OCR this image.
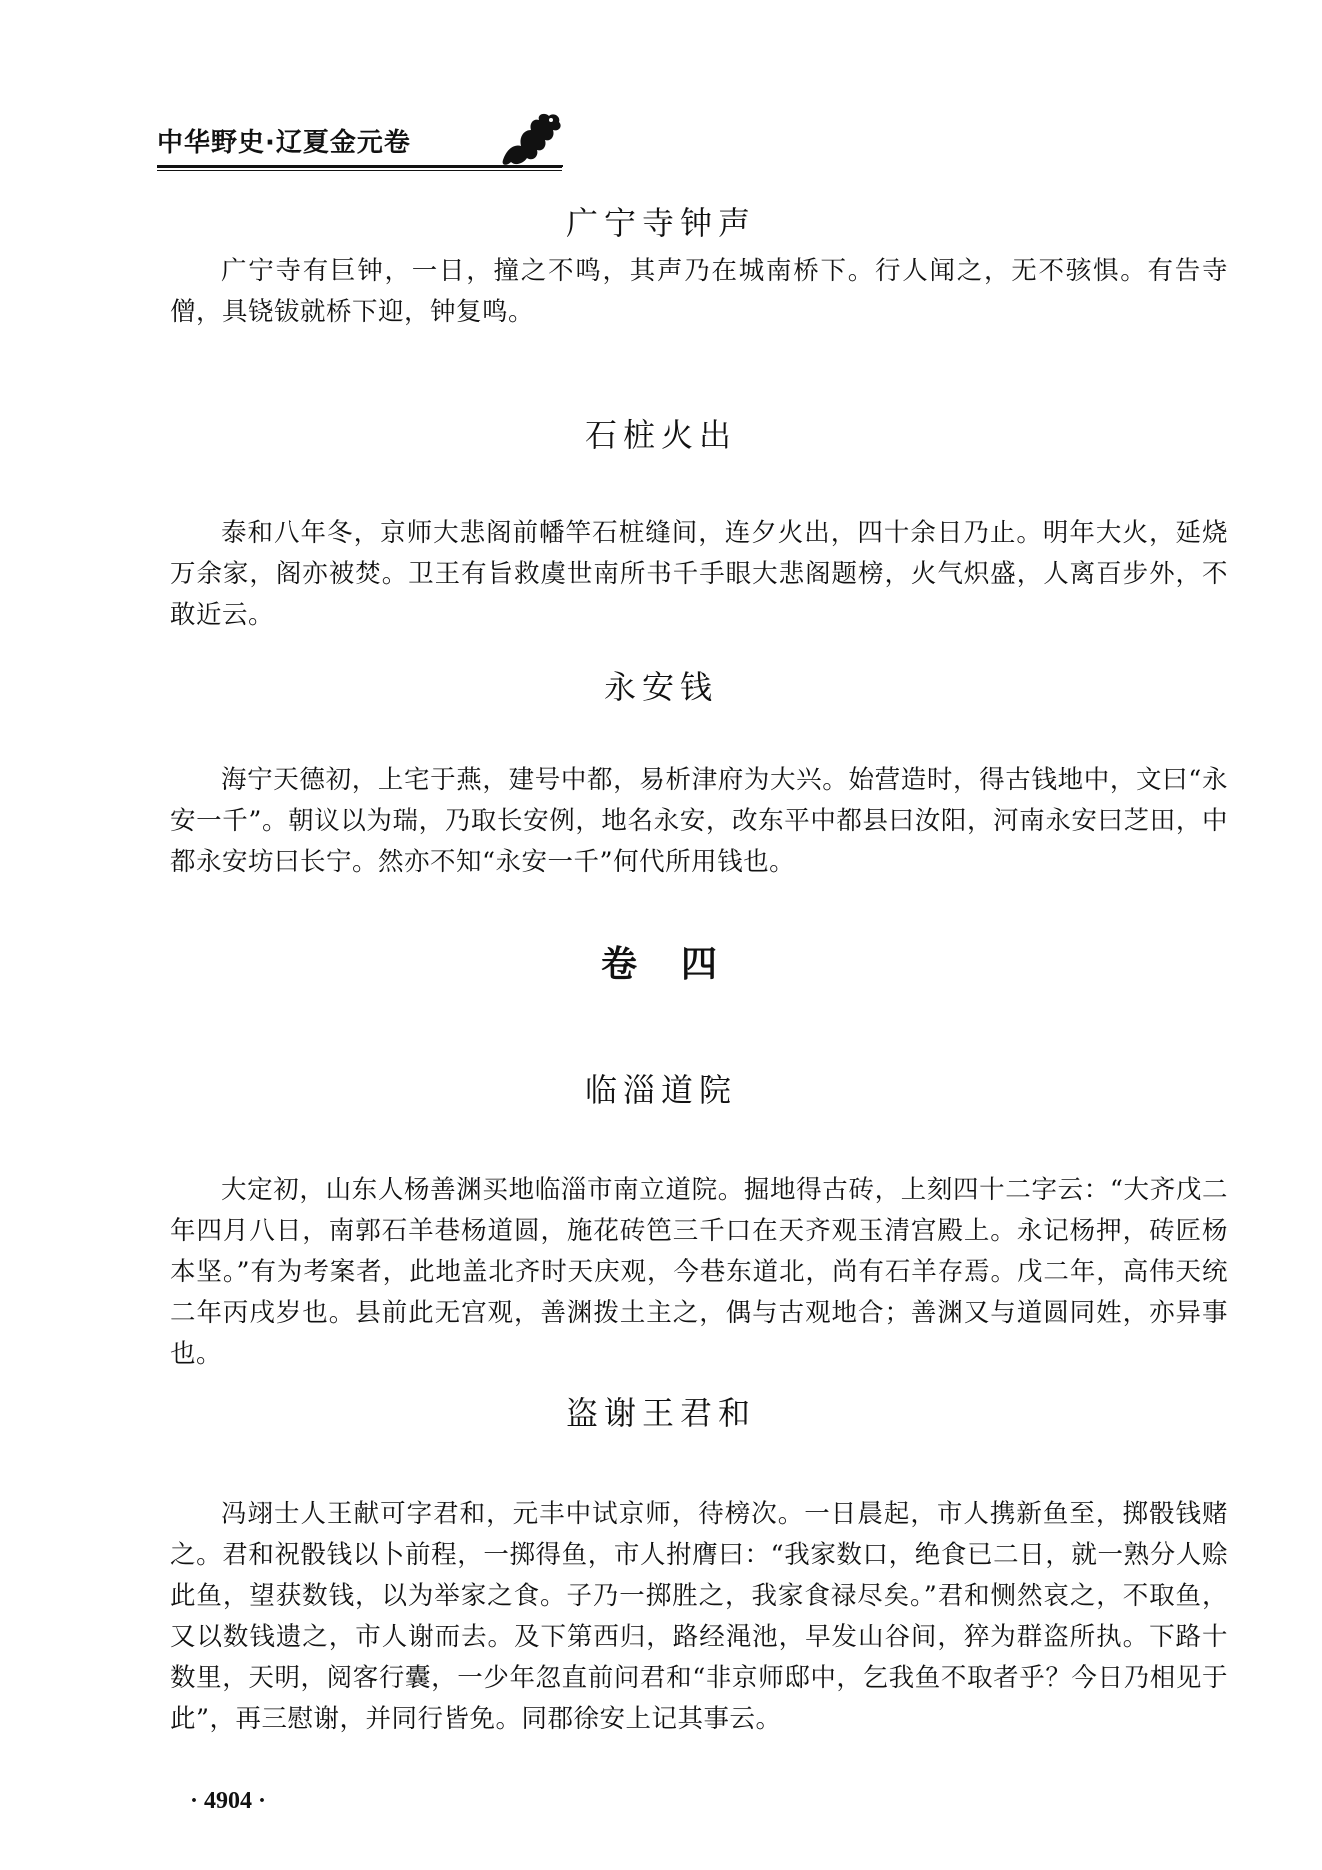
中华野史·辽夏金元卷
广宁寺钟声

广宁寺有巨钟，一日，撞之不鸣，其声乃在城南桥下。行人闻之，无不骇惧。有告寺僧，具铙钹就桥下迎，钟复鸣。

石桩火出

泰和八年冬，京师大悲阁前幡竿石桩缝间，连夕火出，四十余日乃止。明年大火，延烧万余家，阁亦被焚。卫王有旨救虞世南所书千手眼大悲阁题榜，火气炽盛，人离百步外，不敢近云。

永安钱

海宁天德初，上宅于燕，建号中都，易析津府为大兴。始营造时，得古钱地中，文曰“永安一千”。朝议以为瑞，乃取长安例，地名永安，改东平中都县曰汝阳，河南永安曰芝田，中都永安坊曰长宁。然亦不知“永安一千”何代所用钱也。

卷　四
临淄道院

大定初，山东人杨善渊买地临淄市南立道院。掘地得古砖，上刻四十二字云：“大齐戊二年四月八日，南郭石羊巷杨道圆，施花砖笆三千口在天齐观玉清宫殿上。永记杨押，砖匠杨本坚。”有为考案者，此地盖北齐时天庆观，今巷东道北，尚有石羊存焉。戊二年，高伟天统二年丙戌岁也。县前此无宫观，善渊拨土主之，偶与古观地合；善渊又与道圆同姓，亦异事也。

盗谢王君和

冯翊士人王献可字君和，元丰中试京师，待榜次。一日晨起，市人携新鱼至，掷骰钱赌之。君和祝骰钱以卜前程，一掷得鱼，市人拊膺曰：“我家数口，绝食已二日，就一熟分人赊此鱼，望获数钱，以为举家之食。子乃一掷胜之，我家食禄尽矣。”君和恻然哀之，不取鱼，又以数钱遗之，市人谢而去。及下第西归，路经渑池，早发山谷间，猝为群盗所执。下路十数里，天明，阅客行囊，一少年忽直前问君和“非京师邸中，乞我鱼不取者乎？今日乃相见于此”，再三慰谢，并同行皆免。同郡徐安上记其事云。

· 4904 ·
